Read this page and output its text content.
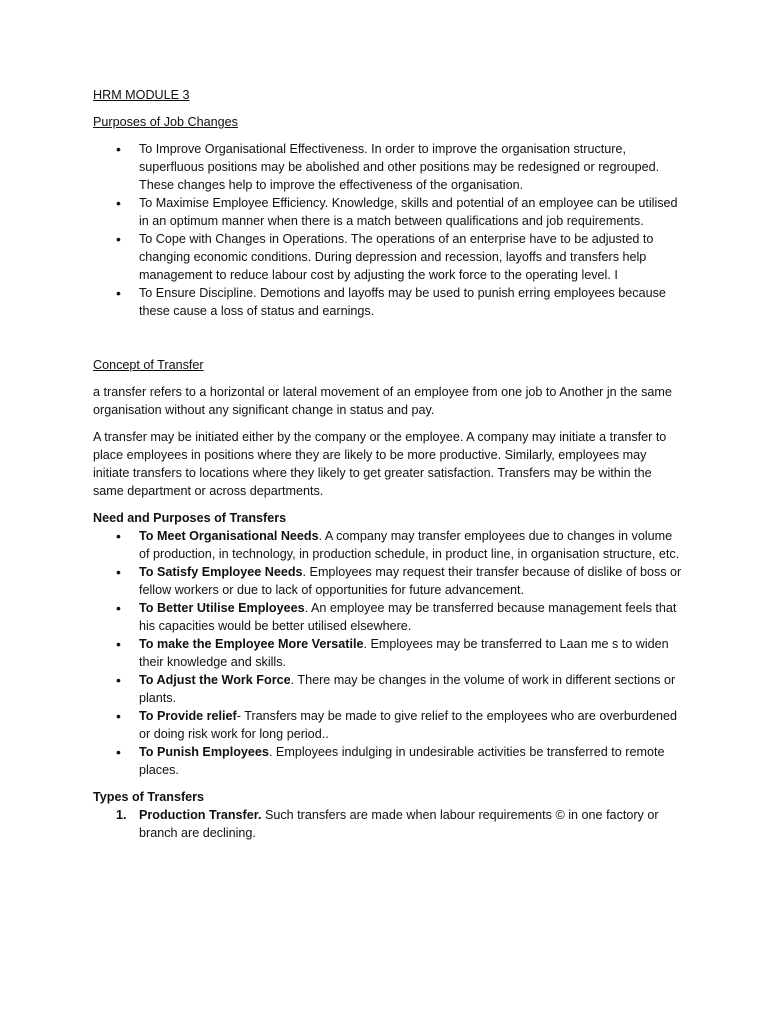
HRM MODULE 3

Purposes of Job Changes

• To Improve Organisational Effectiveness. In order to improve the organisation structure, superfluous positions may be abolished and other positions may be redesigned or regrouped. These changes help to improve the effectiveness of the organisation.
• To Maximise Employee Efficiency. Knowledge, skills and potential of an employee can be utilised in an optimum manner when there is a match between qualifications and job requirements.
• To Cope with Changes in Operations. The operations of an enterprise have to be adjusted to changing economic conditions. During depression and recession, layoffs and transfers help management to reduce labour cost by adjusting the work force to the operating level. I
• To Ensure Discipline. Demotions and layoffs may be used to punish erring employees because these cause a loss of status and earnings.

Concept of Transfer

a transfer refers to a horizontal or lateral movement of an employee from one job to Another jn the same organisation without any significant change in status and pay.

A transfer may be initiated either by the company or the employee. A company may initiate a transfer to place employees in positions where they are likely to be more productive. Similarly, employees may initiate transfers to locations where they likely to get greater satisfaction. Transfers may be within the same department or across departments.

Need and Purposes of Transfers

• To Meet Organisational Needs. A company may transfer employees due to changes in volume of production, in technology, in production schedule, in product line, in organisation structure, etc.
• To Satisfy Employee Needs. Employees may request their transfer because of dislike of boss or fellow workers or due to lack of opportunities for future advancement.
• To Better Utilise Employees. An employee may be transferred because management feels that his capacities would be better utilised elsewhere.
• To make the Employee More Versatile. Employees may be transferred to Laan me s to widen their knowledge and skills.
• To Adjust the Work Force. There may be changes in the volume of work in different sections or plants.
• To Provide relief- Transfers may be made to give relief to the employees who are overburdened or doing risk work for long period..
• To Punish Employees. Employees indulging in undesirable activities be transferred to remote places.

Types of Transfers

1. Production Transfer. Such transfers are made when labour requirements © in one factory or branch are declining.
